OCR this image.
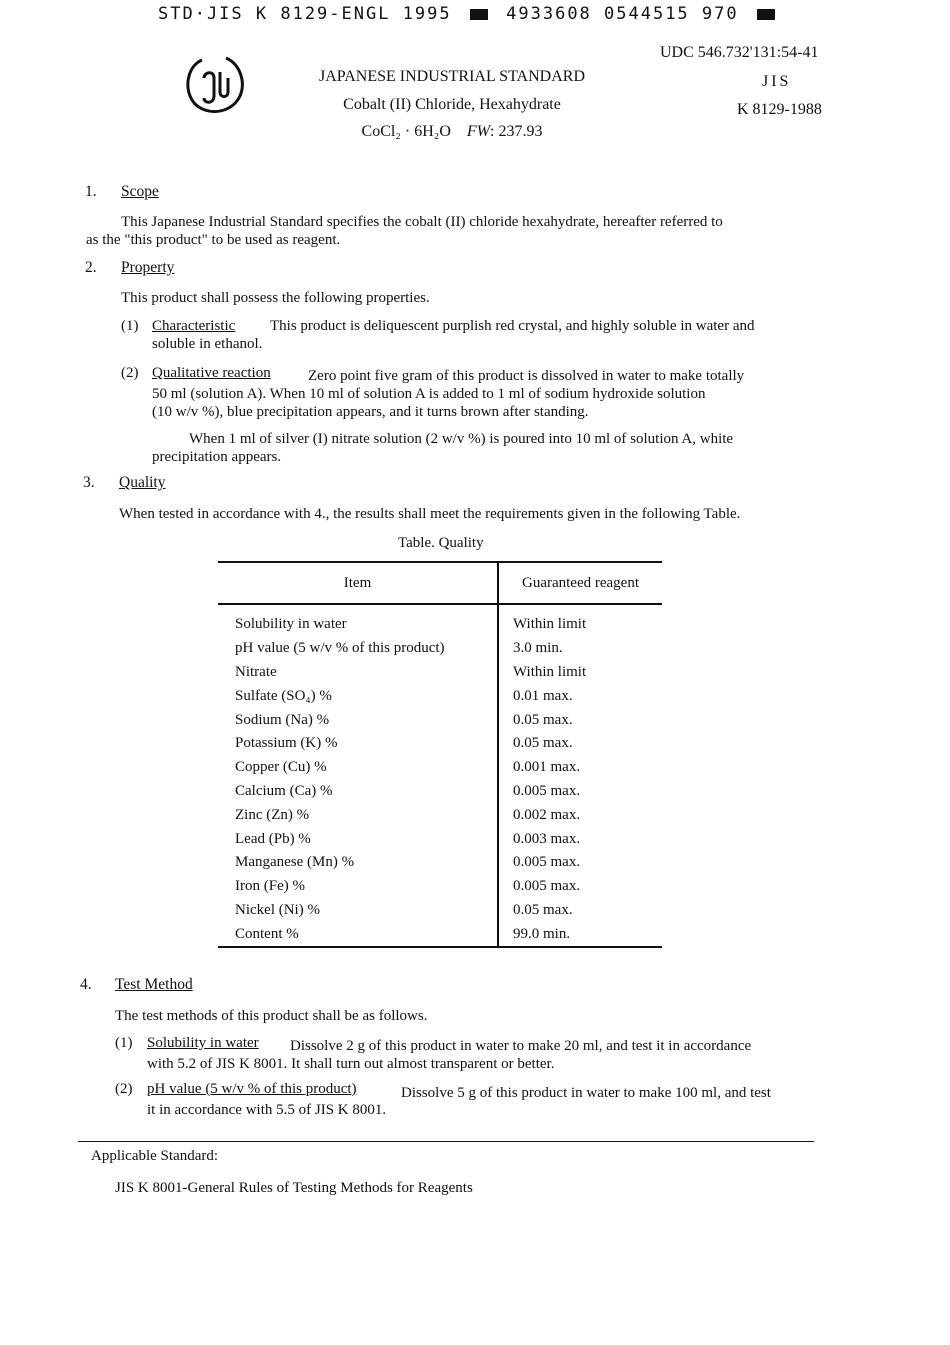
STD·JIS K 8129-ENGL 1995	4933608 0544515 970
UDC 546.732'131:54-41
JIS
K 8129-1988
JAPANESE INDUSTRIAL STANDARD
Cobalt (II) Chloride, Hexahydrate
CoCl₂ · 6H₂O FW: 237.93
1. Scope
This Japanese Industrial Standard specifies the cobalt (II) chloride hexahydrate, hereafter referred to
as the "this product" to be used as reagent.
2. Property
This product shall possess the following properties.
(1) Characteristic This product is deliquescent purplish red crystal, and highly soluble in water and
soluble in ethanol.
(2) Qualitative reaction Zero point five gram of this product is dissolved in water to make totally
50 ml (solution A). When 10 ml of solution A is added to 1 ml of sodium hydroxide solution
(10 w/v %), blue precipitation appears, and it turns brown after standing.
When 1 ml of silver (I) nitrate solution (2 w/v %) is poured into 10 ml of solution A, white
precipitation appears.
3. Quality
When tested in accordance with 4., the results shall meet the requirements given in the following Table.
Table. Quality
Item	Guaranteed reagent
Solubility in water	Within limit
pH value (5 w/v % of this product)	3.0 min.
Nitrate	Within limit
Sulfate (SO₄) %	0.01 max.
Sodium (Na) %	0.05 max.
Potassium (K) %	0.05 max.
Copper (Cu) %	0.001 max.
Calcium (Ca) %	0.005 max.
Zinc (Zn) %	0.002 max.
Lead (Pb) %	0.003 max.
Manganese (Mn) %	0.005 max.
Iron (Fe) %	0.005 max.
Nickel (Ni) %	0.05 max.
Content %	99.0 min.
4. Test Method
The test methods of this product shall be as follows.
(1) Solubility in water Dissolve 2 g of this product in water to make 20 ml, and test it in accordance
with 5.2 of JIS K 8001. It shall turn out almost transparent or better.
(2) pH value (5 w/v % of this product)	Dissolve 5 g of this product in water to make 100 ml, and test
it in accordance with 5.5 of JIS K 8001.
Applicable Standard:
JIS K 8001-General Rules of Testing Methods for Reagents
